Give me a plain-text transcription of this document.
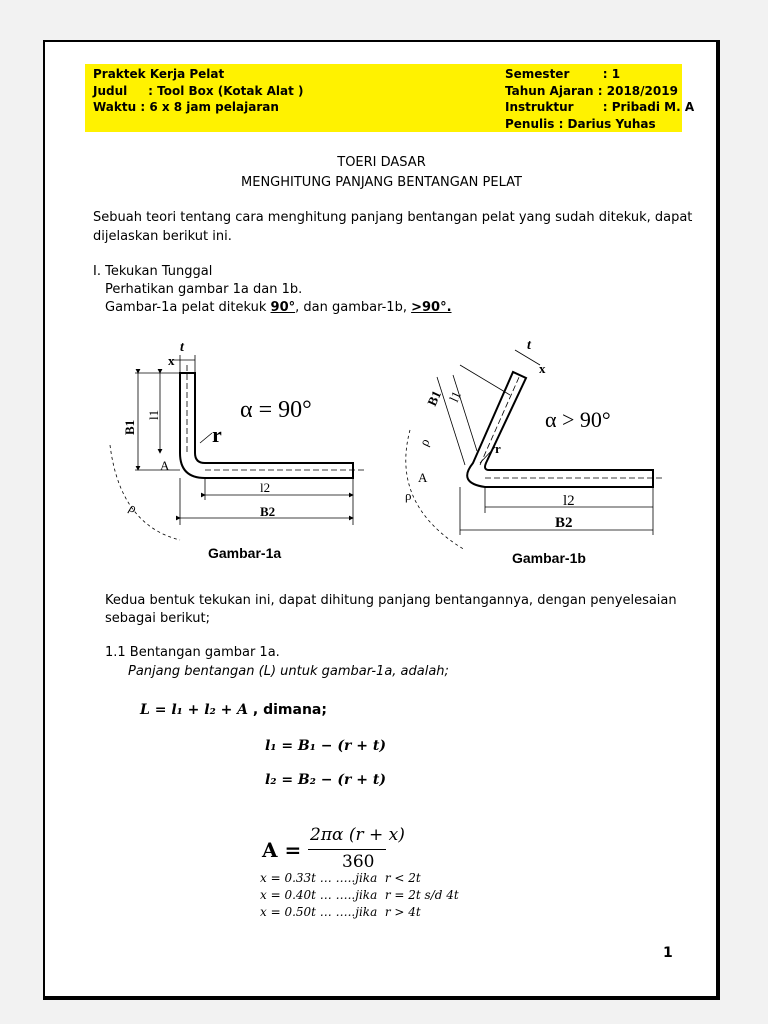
Praktek Kerja Pelat
Judul     : Tool Box (Kotak Alat )
Waktu : 6 x 8 jam pelajaran
Semester        : 1
Tahun Ajaran : 2018/2019
Instruktur       : Pribadi M. A
Penulis : Darius Yuhas
TOERI DASAR
MENGHITUNG PANJANG BENTANGAN PELAT
Sebuah teori tentang cara menghitung panjang bentangan pelat yang sudah ditekuk, dapat
dijelaskan berikut ini.
I. Tekukan Tunggal
Perhatikan gambar 1a dan 1b.
Gambar-1a pelat ditekuk 90°, dan gambar-1b, >90°.
t
x
B1
l1
r
A
ρ
l2
B2
α = 90°
Gambar-1a
t
x
B1 l1
ρ	r
A
ρ	l2
B2
α > 90°
Gambar-1b
Kedua bentuk tekukan ini, dapat dihitung panjang bentangannya, dengan penyelesaian
sebagai berikut;
1.1 Bentangan gambar 1a.
Panjang bentangan (L) untuk gambar-1a, adalah;
L = l₁ + l₂ + A , dimana;
l₁ = B₁ − (r + t)
l₂ = B₂ − (r + t)
A =
2πα (r + x)
360
x = 0.33t … …..jika  r < 2t
x = 0.40t … …..jika  r = 2t s/d 4t
x = 0.50t … …..jika  r > 4t
1
